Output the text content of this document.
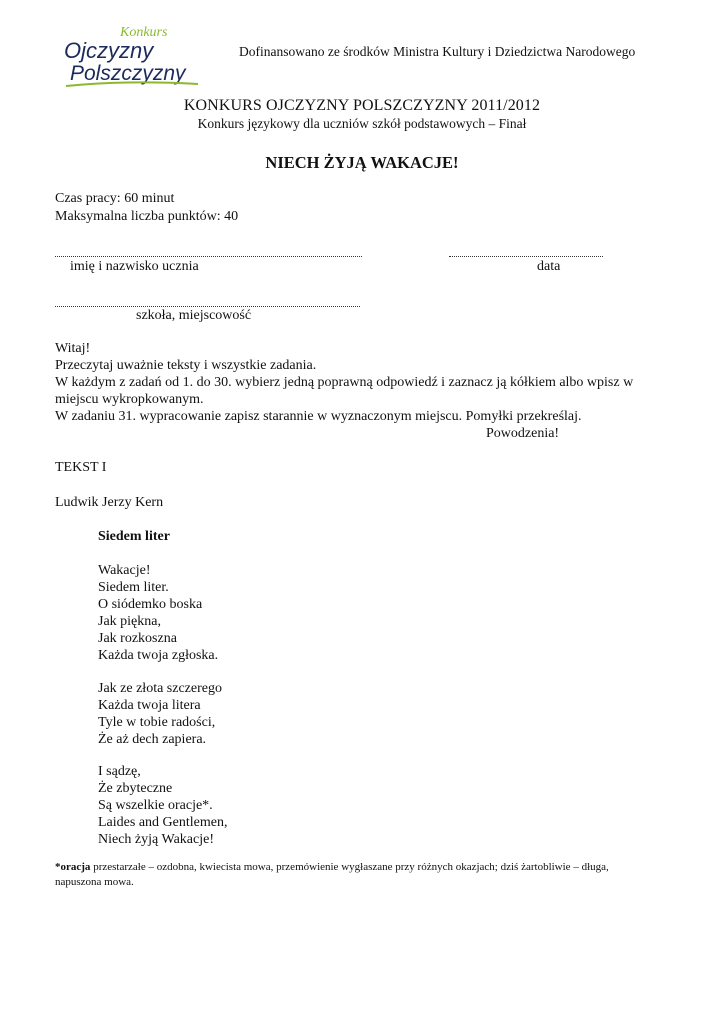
Konkurs
Ojczyzny
Polszczyzny
Dofinansowano ze środków Ministra Kultury i Dziedzictwa Narodowego
KONKURS OJCZYZNY POLSZCZYZNY 2011/2012
Konkurs językowy dla uczniów szkół podstawowych – Finał
NIECH ŻYJĄ WAKACJE!
Czas pracy: 60 minut
Maksymalna liczba punktów: 40
imię i nazwisko ucznia	data
szkoła, miejscowość

Witaj!

Przeczytaj uważnie teksty i wszystkie zadania.

W każdym z zadań od 1. do 30. wybierz jedną poprawną odpowiedź i zaznacz ją kółkiem albo wpisz w

miejscu wykropkowanym.

W zadaniu 31. wypracowanie zapisz starannie w wyznaczonym miejscu. Pomyłki przekreślaj.

Powodzenia!
TEKST I
Ludwik Jerzy Kern
Siedem liter

Wakacje!

Siedem liter.

O siódemko boska

Jak piękna,

Jak rozkoszna

Każda twoja zgłoska.

Jak ze złota szczerego

Każda twoja litera

Tyle w tobie radości,

Że aż dech zapiera.

I sądzę,

Że zbyteczne

Są wszelkie oracje*.

Laides and Gentlemen,

Niech żyją Wakacje!

*oracja przestarzałe – ozdobna, kwiecista mowa, przemówienie wygłaszane przy różnych okazjach; dziś żartobliwie – długa, napuszona mowa.
